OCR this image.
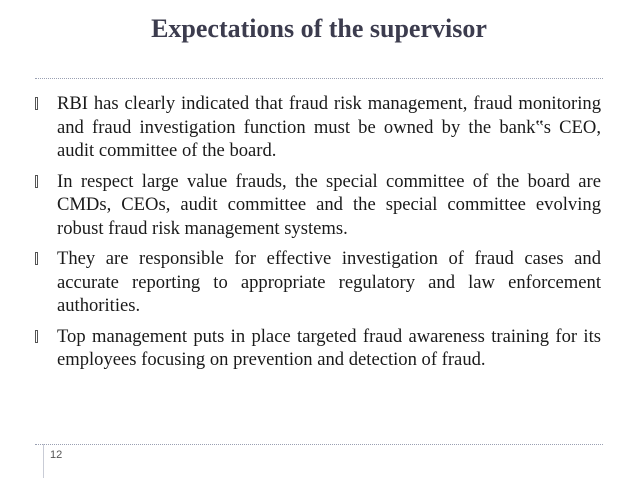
Expectations of the supervisor
RBI has clearly indicated that fraud risk management, fraud monitoring and fraud investigation function must be owned by the bank‟s CEO, audit committee of the board.
In respect large value frauds, the special committee of the board are CMDs, CEOs, audit committee and the special committee evolving robust fraud risk management systems.
They are responsible for effective investigation of fraud cases and accurate reporting to appropriate regulatory and law enforcement authorities.
Top management puts in place targeted fraud awareness training for its employees focusing on prevention and detection of fraud.
12
